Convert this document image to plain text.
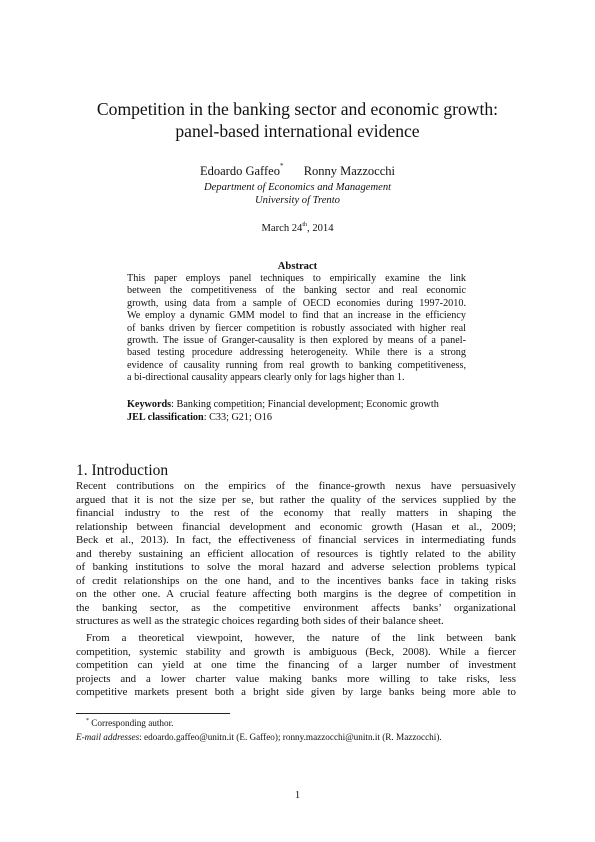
Competition in the banking sector and economic growth:
panel-based international evidence
Edoardo Gaffeo* Ronny Mazzocchi
Department of Economics and Management
University of Trento
March 24th, 2014
Abstract
This paper employs panel techniques to empirically examine the link
between the competitiveness of the banking sector and real economic
growth, using data from a sample of OECD economies during 1997-2010.
We employ a dynamic GMM model to find that an increase in the efficiency
of banks driven by fiercer competition is robustly associated with higher real
growth. The issue of Granger-causality is then explored by means of a panel-
based testing procedure addressing heterogeneity. While there is a strong
evidence of causality running from real growth to banking competitiveness,
a bi-directional causality appears clearly only for lags higher than 1.
Keywords: Banking competition; Financial development; Economic growth
JEL classification: C33; G21; O16
1. Introduction
Recent contributions on the empirics of the finance-growth nexus have persuasively
argued that it is not the size per se, but rather the quality of the services supplied by the
financial industry to the rest of the economy that really matters in shaping the
relationship between financial development and economic growth (Hasan et al., 2009;
Beck et al., 2013). In fact, the effectiveness of financial services in intermediating funds
and thereby sustaining an efficient allocation of resources is tightly related to the ability
of banking institutions to solve the moral hazard and adverse selection problems typical
of credit relationships on the one hand, and to the incentives banks face in taking risks
on the other one. A crucial feature affecting both margins is the degree of competition in
the banking sector, as the competitive environment affects banks’ organizational
structures as well as the strategic choices regarding both sides of their balance sheet.
From a theoretical viewpoint, however, the nature of the link between bank
competition, systemic stability and growth is ambiguous (Beck, 2008). While a fiercer
competition can yield at one time the financing of a larger number of investment
projects and a lower charter value making banks more willing to take risks, less
competitive markets present both a bright side given by large banks being more able to
* Corresponding author.
E-mail addresses: edoardo.gaffeo@unitn.it (E. Gaffeo); ronny.mazzocchi@unitn.it (R. Mazzocchi).
1
